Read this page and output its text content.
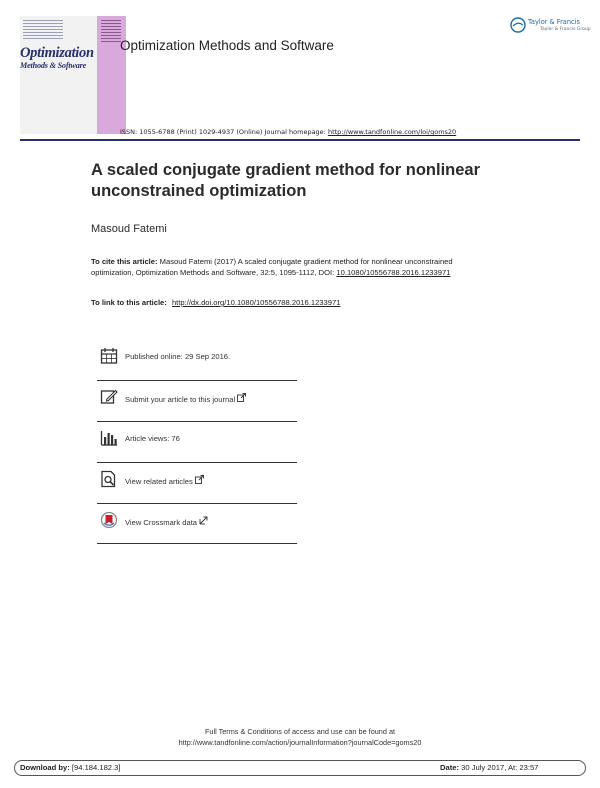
Optimization
Methods & Software
Optimization Methods and Software
Taylor & Francis
Taylor & Francis Group
ISSN: 1055-6788 (Print) 1029-4937 (Online) Journal homepage: http://www.tandfonline.com/loi/goms20
A scaled conjugate gradient method for nonlinear unconstrained optimization
Masoud Fatemi
To cite this article: Masoud Fatemi (2017) A scaled conjugate gradient method for nonlinear unconstrained optimization, Optimization Methods and Software, 32:5, 1095-1112, DOI: 10.1080/10556788.2016.1233971
To link to this article: http://dx.doi.org/10.1080/10556788.2016.1233971
Published online: 29 Sep 2016.
Submit your article to this journal
Article views: 76
View related articles
View Crossmark data
Full Terms & Conditions of access and use can be found at
http://www.tandfonline.com/action/journalInformation?journalCode=goms20
Download by: [94.184.182.3]	Date: 30 July 2017, At: 23:57
